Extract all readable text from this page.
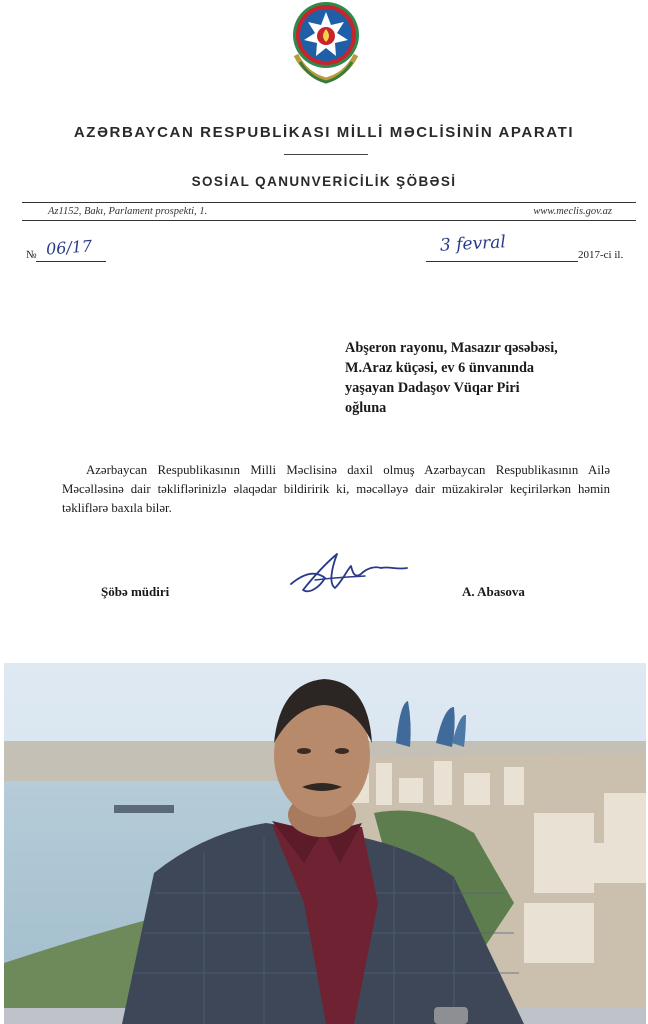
AZƏRBAYCAN RESPUBLİKASI MİLLİ MƏCLİSİNİN APARATI
SOSİAL QANUNVERİCİLİK ŞÖBƏSİ
Az1152, Bakı, Parlament prospekti, 1.	www.meclis.gov.az
№ 06/17	3 fevral	2017-ci il.
Abşeron rayonu, Masazır qəsəbəsi,
M.Araz küçəsi, ev 6 ünvanında
yaşayan Dadaşov Vüqar Piri
oğluna
Azərbaycan Respublikasının Milli Məclisinə daxil olmuş Azərbaycan Respublikasının Ailə Məcəlləsinə dair təkliflərinizlə əlaqədar bildiririk ki, məcəlləyə dair müzakirələr keçirilərkən həmin təkliflərə baxıla bilər.
Şöbə müdiri	A. Abasova
